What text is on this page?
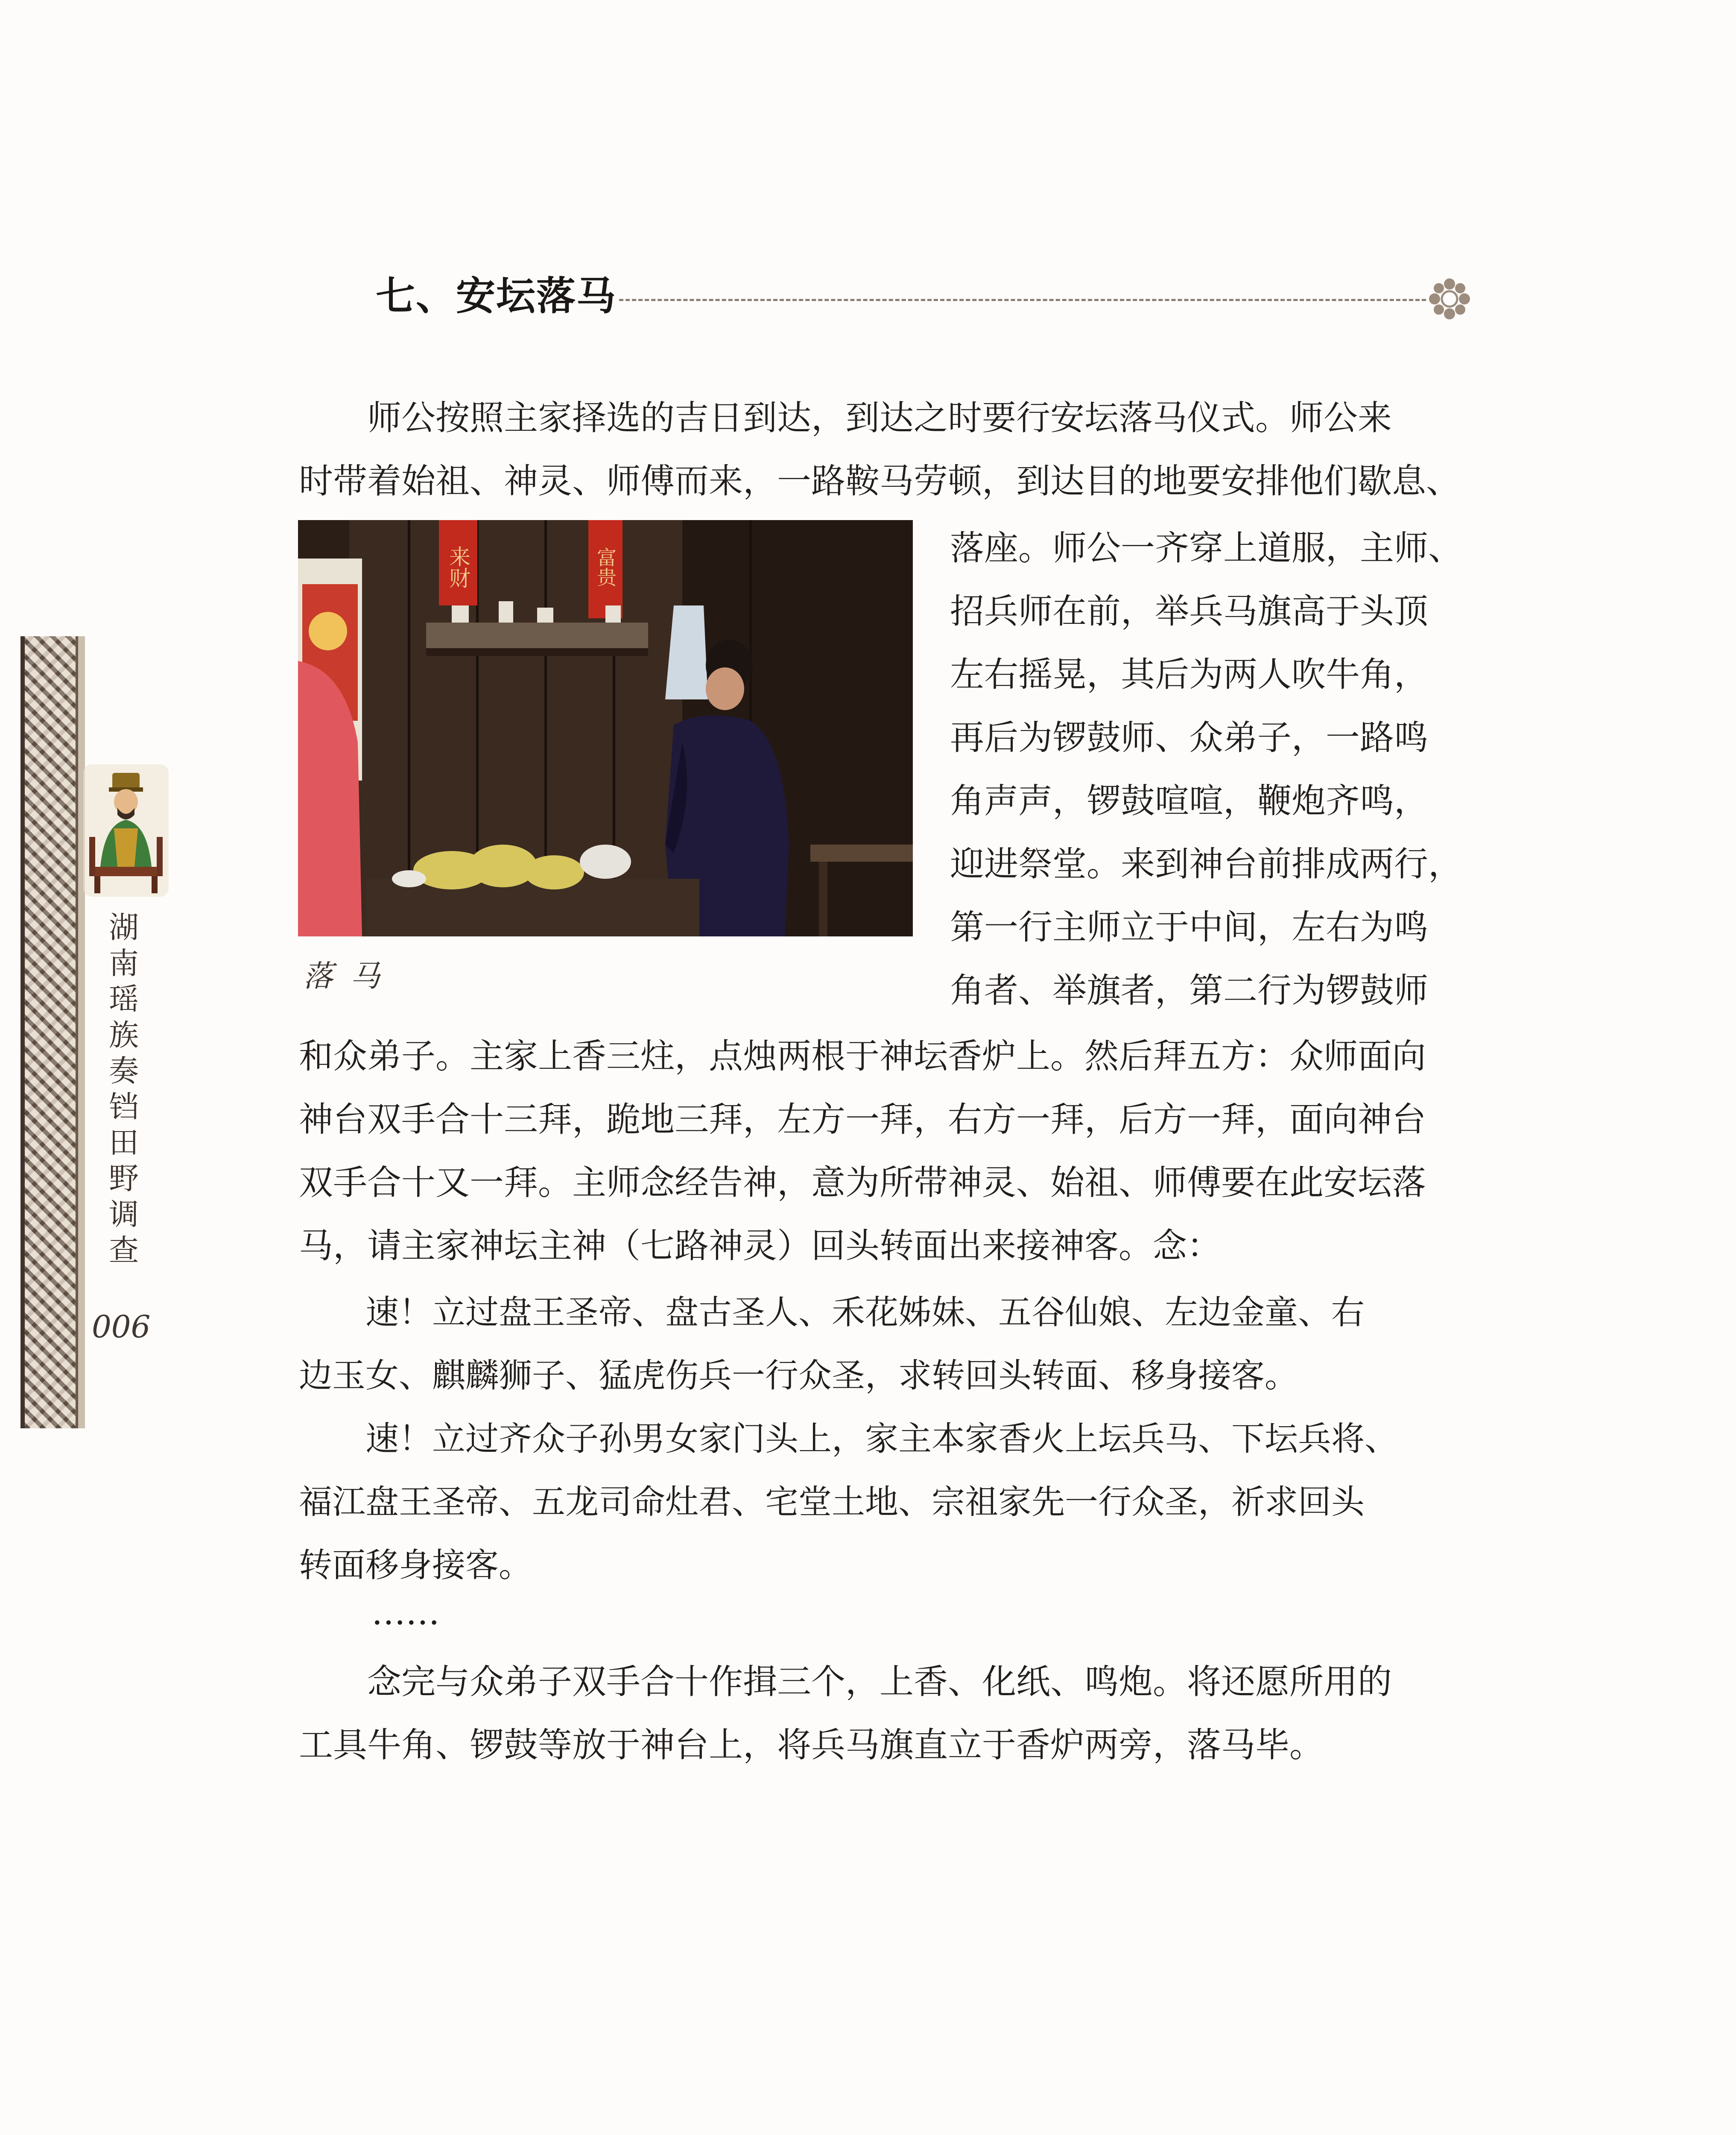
湖南瑶族奏铛田野调查
006
七、安坛落马

　　师公按照主家择选的吉日到达，到达之时要行安坛落马仪式。师公来

时带着始祖、神灵、师傅而来，一路鞍马劳顿，到达目的地要安排他们歇息、

来财	富贵
落马

落座。师公一齐穿上道服，主师、

招兵师在前，举兵马旗高于头顶

左右摇晃，其后为两人吹牛角，

再后为锣鼓师、众弟子，一路鸣

角声声，锣鼓喧喧，鞭炮齐鸣，

迎进祭堂。来到神台前排成两行，

第一行主师立于中间，左右为鸣

角者、举旗者，第二行为锣鼓师

和众弟子。主家上香三炷，点烛两根于神坛香炉上。然后拜五方：众师面向

神台双手合十三拜，跪地三拜，左方一拜，右方一拜，后方一拜，面向神台

双手合十又一拜。主师念经告神，意为所带神灵、始祖、师傅要在此安坛落

马，请主家神坛主神（七路神灵）回头转面出来接神客。念：

　　速！立过盘王圣帝、盘古圣人、禾花姊妹、五谷仙娘、左边金童、右

边玉女、麒麟狮子、猛虎伤兵一行众圣，求转回头转面、移身接客。

　　速！立过齐众子孙男女家门头上，家主本家香火上坛兵马、下坛兵将、

福江盘王圣帝、五龙司命灶君、宅堂土地、宗祖家先一行众圣，祈求回头

转面移身接客。

……

　　念完与众弟子双手合十作揖三个，上香、化纸、鸣炮。将还愿所用的

工具牛角、锣鼓等放于神台上，将兵马旗直立于香炉两旁，落马毕。
